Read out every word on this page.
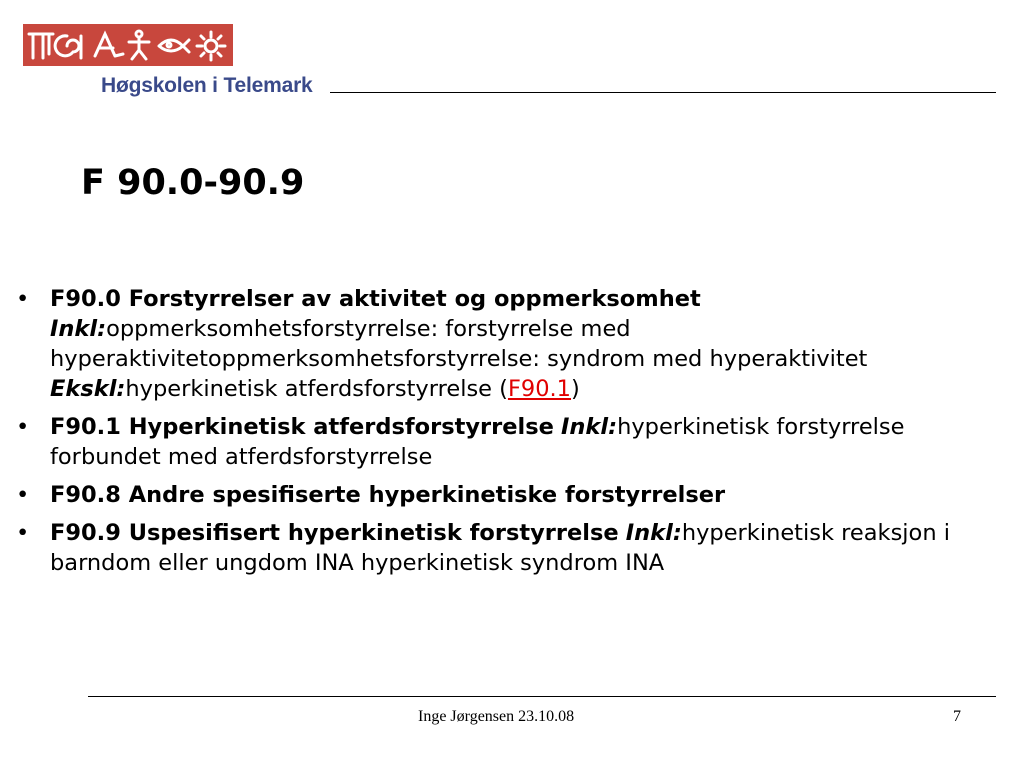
Høgskolen i Telemark
F 90.0-90.9
• F90.0 Forstyrrelser av aktivitet og oppmerksomhet Inkl:oppmerksomhetsforstyrrelse: forstyrrelse med hyperaktivitetoppmerksomhetsforstyrrelse: syndrom med hyperaktivitet Ekskl:hyperkinetisk atferdsforstyrrelse (F90.1)
• F90.1 Hyperkinetisk atferdsforstyrrelse Inkl:hyperkinetisk forstyrrelse forbundet med atferdsforstyrrelse
• F90.8 Andre spesifiserte hyperkinetiske forstyrrelser
• F90.9 Uspesifisert hyperkinetisk forstyrrelse Inkl:hyperkinetisk reaksjon i barndom eller ungdom INA hyperkinetisk syndrom INA
Inge Jørgensen 23.10.08	7
